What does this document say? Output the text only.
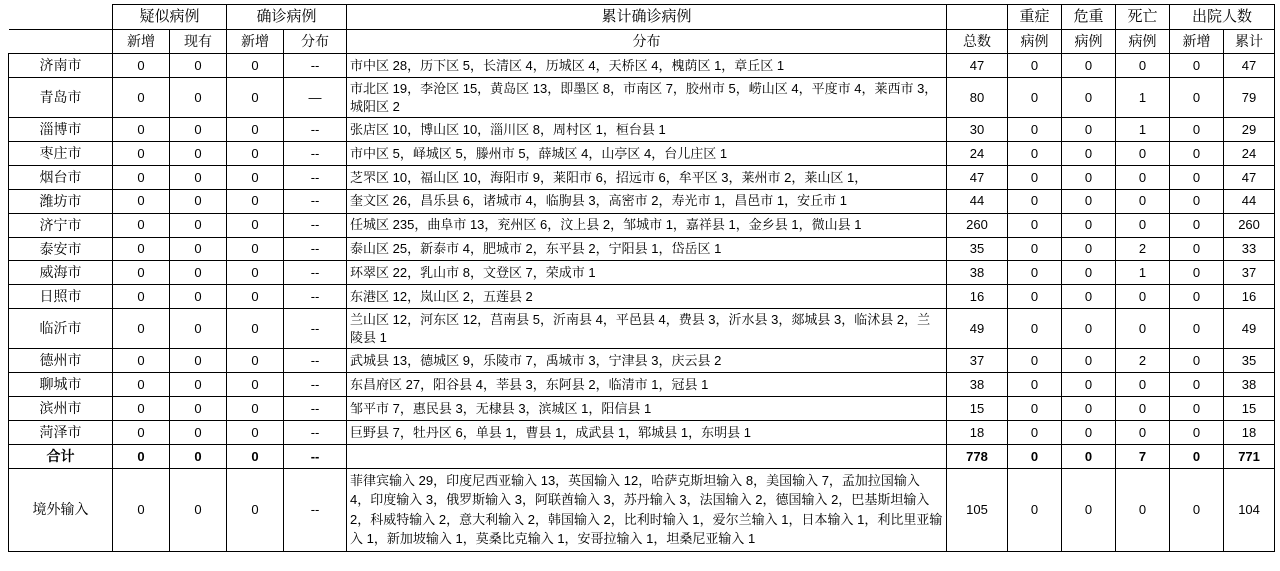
	疑似病例		确诊病例		累计确诊病例		重症	危重	死亡	出院人数	
	新增	现有	新增	分布	分布	总数	病例	病例	病例	新增	累计
济南市	0	0	0	--	市中区 28，历下区 5，长清区 4，历城区 4，天桥区 4，槐荫区 1，章丘区 1	47	0	0	0	0	47
青岛市	0	0	0	—	市北区 19，李沧区 15，黄岛区 13，即墨区 8，市南区 7，胶州市 5，崂山区 4，平度市 4，莱西市 3，城阳区 2	80	0	0	1	0	79
淄博市	0	0	0	--	张店区 10，博山区 10，淄川区 8，周村区 1，桓台县 1	30	0	0	1	0	29
枣庄市	0	0	0	--	市中区 5，峄城区 5，滕州市 5，薛城区 4，山亭区 4，台儿庄区 1	24	0	0	0	0	24
烟台市	0	0	0	--	芝罘区 10，福山区 10，海阳市 9，莱阳市 6，招远市 6，牟平区 3，莱州市 2，莱山区 1，	47	0	0	0	0	47
潍坊市	0	0	0	--	奎文区 26，昌乐县 6，诸城市 4，临朐县 3，高密市 2，寿光市 1，昌邑市 1，安丘市 1	44	0	0	0	0	44
济宁市	0	0	0	--	任城区 235，曲阜市 13，兖州区 6，汶上县 2，邹城市 1，嘉祥县 1，金乡县 1，微山县 1	260	0	0	0	0	260
泰安市	0	0	0	--	泰山区 25，新泰市 4，肥城市 2，东平县 2，宁阳县 1，岱岳区 1	35	0	0	2	0	33
威海市	0	0	0	--	环翠区 22，乳山市 8，文登区 7，荣成市 1	38	0	0	1	0	37
日照市	0	0	0	--	东港区 12，岚山区 2，五莲县 2	16	0	0	0	0	16
临沂市	0	0	0	--	兰山区 12，河东区 12，莒南县 5，沂南县 4，平邑县 4，费县 3，沂水县 3，郯城县 3，临沭县 2，兰陵县 1	49	0	0	0	0	49
德州市	0	0	0	--	武城县 13，德城区 9，乐陵市 7，禹城市 3，宁津县 3，庆云县 2	37	0	0	2	0	35
聊城市	0	0	0	--	东昌府区 27，阳谷县 4，莘县 3，东阿县 2，临清市 1，冠县 1	38	0	0	0	0	38
滨州市	0	0	0	--	邹平市 7，惠民县 3，无棣县 3，滨城区 1，阳信县 1	15	0	0	0	0	15
菏泽市	0	0	0	--	巨野县 7，牡丹区 6，单县 1，曹县 1，成武县 1，郓城县 1，东明县 1	18	0	0	0	0	18
合计	0	0	0	--		778	0	0	7	0	771
境外输入	0	0	0	--	菲律宾输入 29，印度尼西亚输入 13，英国输入 12，哈萨克斯坦输入 8，美国输入 7，孟加拉国输入 4，印度输入 3，俄罗斯输入 3，阿联酋输入 3，苏丹输入 3，法国输入 2，德国输入 2，巴基斯坦输入 2，科威特输入 2，意大利输入 2，韩国输入 2，比利时输入 1，爱尔兰输入 1，日本输入 1，利比里亚输入 1，新加坡输入 1，莫桑比克输入 1，安哥拉输入 1，坦桑尼亚输入 1	105	0	0	0	0	104
